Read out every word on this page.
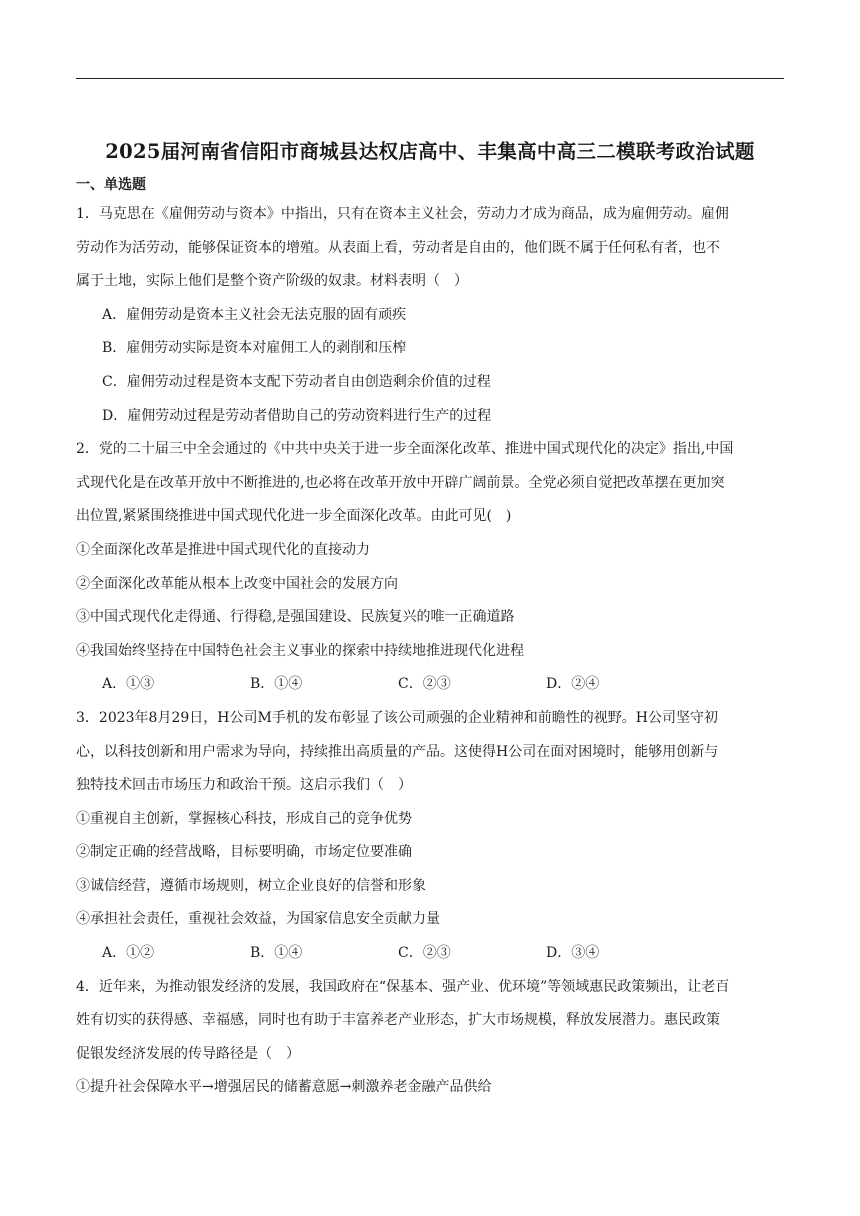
2025届河南省信阳市商城县达权店高中、丰集高中高三二模联考政治试题
一、单选题

1．马克思在《雇佣劳动与资本》中指出，只有在资本主义社会，劳动力才成为商品，成为雇佣劳动。雇佣

劳动作为活劳动，能够保证资本的增殖。从表面上看，劳动者是自由的，他们既不属于任何私有者，也不

属于土地，实际上他们是整个资产阶级的奴隶。材料表明（　）

A．雇佣劳动是资本主义社会无法克服的固有顽疾

B．雇佣劳动实际是资本对雇佣工人的剥削和压榨

C．雇佣劳动过程是资本支配下劳动者自由创造剩余价值的过程

D．雇佣劳动过程是劳动者借助自己的劳动资料进行生产的过程

2．党的二十届三中全会通过的《中共中央关于进一步全面深化改革、推进中国式现代化的决定》指出,中国

式现代化是在改革开放中不断推进的,也必将在改革开放中开辟广阔前景。全党必须自觉把改革摆在更加突

出位置,紧紧围绕推进中国式现代化进一步全面深化改革。由此可见(　)

①全面深化改革是推进中国式现代化的直接动力

②全面深化改革能从根本上改变中国社会的发展方向

③中国式现代化走得通、行得稳,是强国建设、民族复兴的唯一正确道路

④我国始终坚持在中国特色社会主义事业的探索中持续地推进现代化进程

A．①③	B．①④	C．②③	D．②④

3．2023年8月29日，H公司M手机的发布彰显了该公司顽强的企业精神和前瞻性的视野。H公司坚守初

心，以科技创新和用户需求为导向，持续推出高质量的产品。这使得H公司在面对困境时，能够用创新与

独特技术回击市场压力和政治干预。这启示我们（　）

①重视自主创新，掌握核心科技，形成自己的竞争优势

②制定正确的经营战略，目标要明确，市场定位要准确

③诚信经营，遵循市场规则，树立企业良好的信誉和形象

④承担社会责任，重视社会效益，为国家信息安全贡献力量

A．①②	B．①④	C．②③	D．③④

4．近年来，为推动银发经济的发展，我国政府在“保基本、强产业、优环境”等领域惠民政策频出，让老百

姓有切实的获得感、幸福感，同时也有助于丰富养老产业形态，扩大市场规模，释放发展潜力。惠民政策

促银发经济发展的传导路径是（　）

①提升社会保障水平→增强居民的储蓄意愿→刺激养老金融产品供给
